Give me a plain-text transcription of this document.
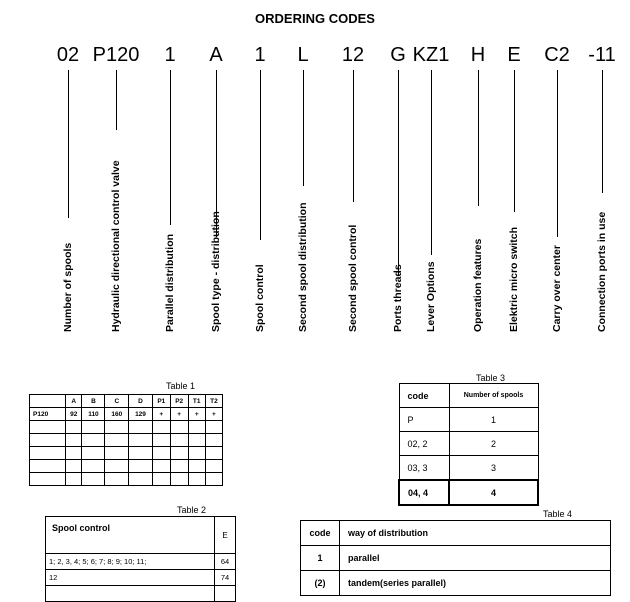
ORDERING CODES
02
Number of spools
P120
Hydraulic directional control valve
1
Parallel distribution
A
Spool type - distribution
1
Spool control
L
Second spool distribution
12
Second spool control
G
Ports threads
KZ1
Lever Options
H
Operation features
E
Elektric micro switch
C2
Carry over center
-11
Connection ports in use
Table 1
	A	B	C	D	P1	P2	T1	T2
P120	92	110	160	129	+	+	+	+

Table 3
code	Number of spools
P	1
02, 2	2
03, 3	3
04, 4	4
Table 2
Spool control	E
1; 2, 3, 4; 5; 6; 7; 8; 9; 10; 11;	64
12	74

Table 4
code	way of distribution
1	parallel
(2)	tandem(series parallel)
